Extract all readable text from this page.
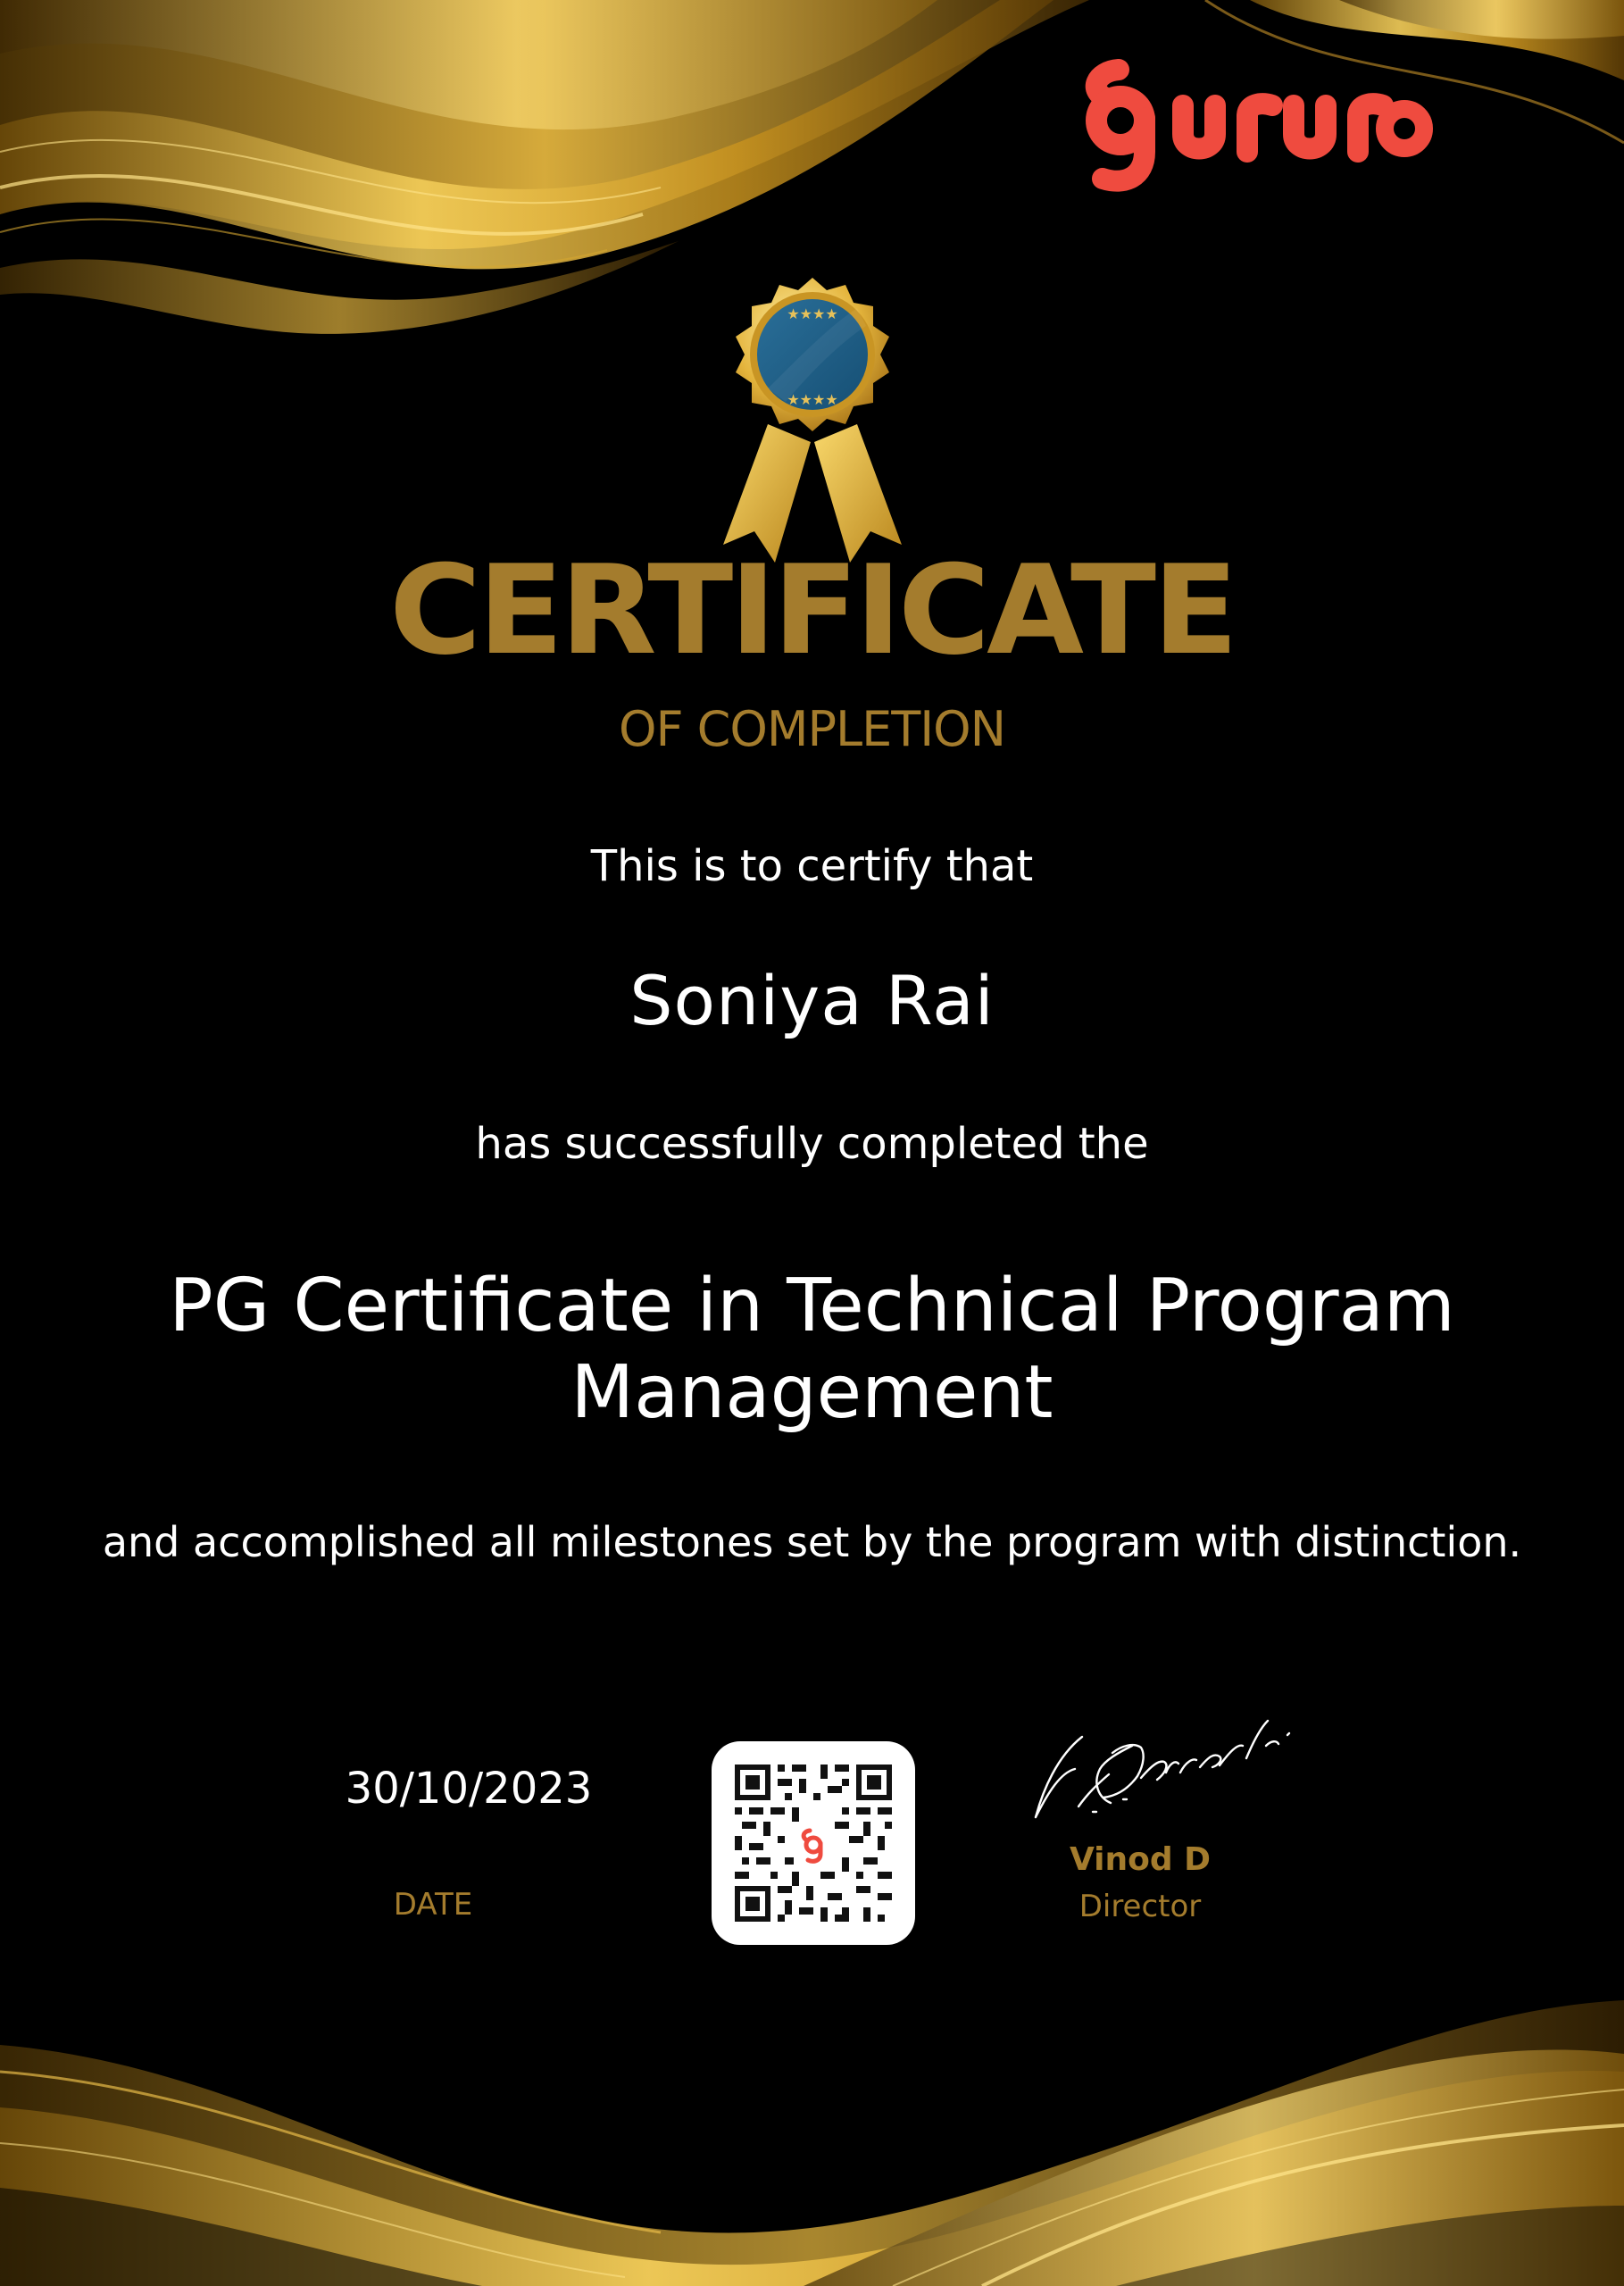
★★★★
★★★★
CERTIFICATE
OF COMPLETION
This is to certify that
Soniya Rai
has successfully completed the
PG Certificate in Technical Program Management
and accomplished all milestones set by the program with distinction.
30/10/2023
DATE
Vinod D
Director
